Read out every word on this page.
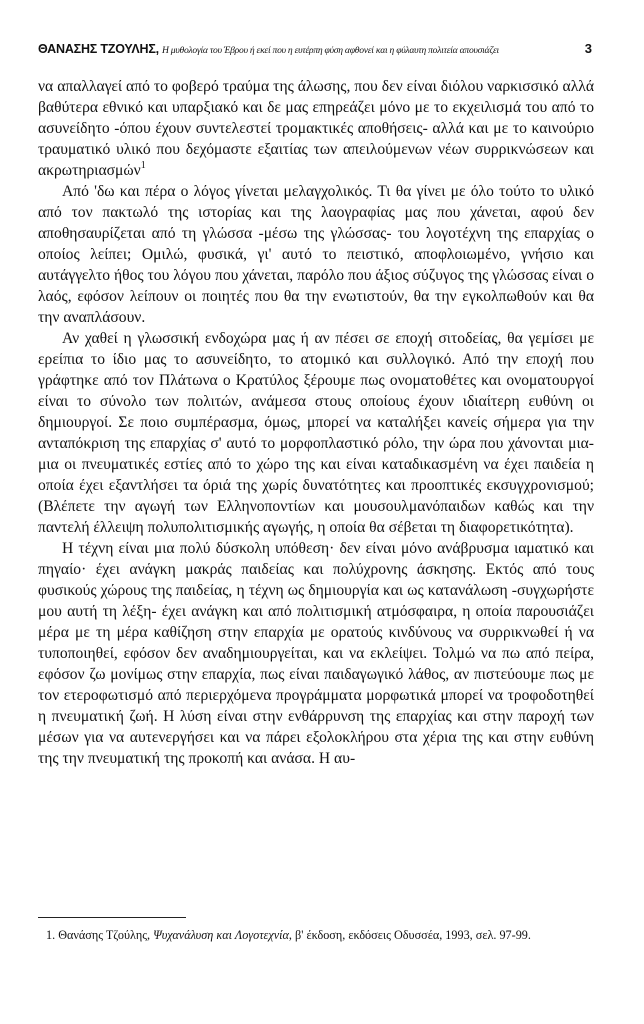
ΘΑΝΑΣΗΣ ΤΖΟΥΛΗΣ, Η μυθολογία του Έβρου ή εκεί που η ευτέρπη φύση αφθονεί και η φύλαυτη πολιτεία απουσιάζει	3

να απαλλαγεί από το φοβερό τραύμα της άλωσης, που δεν είναι διόλου ναρκισσικό αλλά βαθύτερα εθνικό και υπαρξιακό και δε μας επηρεάζει μόνο με το εκχειλισμά του από το ασυνείδητο -όπου έχουν συντελεστεί τρομακτικές αποθήσεις- αλλά και με το καινούριο τραυματικό υλικό που δεχόμαστε εξαιτίας των απειλούμενων νέων συρρικνώσεων και ακρωτηριασμών$^1$

Από 'δω και πέρα ο λόγος γίνεται μελαγχολικός. Τι θα γίνει με όλο τούτο το υλικό από τον πακτωλό της ιστορίας και της λαογραφίας μας που χάνεται, αφού δεν αποθησαυρίζεται από τη γλώσσα -μέσω της γλώσσας- του λογοτέχνη της επαρχίας ο οποίος λείπει; Ομιλώ, φυσικά, γι' αυτό το πειστικό, αποφλοιωμένο, γνήσιο και αυτάγγελτο ήθος του λόγου που χάνεται, παρόλο που άξιος σύζυγος της γλώσσας είναι ο λαός, εφόσον λείπουν οι ποιητές που θα την ενωτιστούν, θα την εγκολπωθούν και θα την αναπλάσουν.

Αν χαθεί η γλωσσική ενδοχώρα μας ή αν πέσει σε εποχή σιτοδείας, θα γεμίσει με ερείπια το ίδιο μας το ασυνείδητο, το ατομικό και συλλογικό. Από την εποχή που γράφτηκε από τον Πλάτωνα ο Κρατύλος ξέρουμε πως ονοματοθέτες και ονοματουργοί είναι το σύνολο των πολιτών, ανάμεσα στους οποίους έχουν ιδιαίτερη ευθύνη οι δημιουργοί. Σε ποιο συμπέρασμα, όμως, μπορεί να καταλήξει κανείς σήμερα για την ανταπόκριση της επαρχίας σ' αυτό το μορφοπλαστικό ρόλο, την ώρα που χάνονται μια-μια οι πνευματικές εστίες από το χώρο της και είναι καταδικασμένη να έχει παιδεία η οποία έχει εξαντλήσει τα όριά της χωρίς δυνατότητες και προοπτικές εκσυγχρονισμού; (Βλέπετε την αγωγή των Ελληνοποντίων και μουσουλμανόπαιδων καθώς και την παντελή έλλειψη πολυπολιτισμικής αγωγής, η οποία θα σέβεται τη διαφορετικότητα).

Η τέχνη είναι μια πολύ δύσκολη υπόθεση· δεν είναι μόνο ανάβρυσμα ιαματικό και πηγαίο· έχει ανάγκη μακράς παιδείας και πολύχρονης άσκησης. Εκτός από τους φυσικούς χώρους της παιδείας, η τέχνη ως δημιουργία και ως κατανάλωση -συγχωρήστε μου αυτή τη λέξη- έχει ανάγκη και από πολιτισμική ατμόσφαιρα, η οποία παρουσιάζει μέρα με τη μέρα καθίζηση στην επαρχία με ορατούς κινδύνους να συρρικνωθεί ή να τυποποιηθεί, εφόσον δεν αναδημιουργείται, και να εκλείψει. Τολμώ να πω από πείρα, εφόσον ζω μονίμως στην επαρχία, πως είναι παιδαγωγικό λάθος, αν πιστεύουμε πως με τον ετεροφωτισμό από περιερχόμενα προγράμματα μορφωτικά μπορεί να τροφοδοτηθεί η πνευματική ζωή. Η λύση είναι στην ενθάρρυνση της επαρχίας και στην παροχή των μέσων για να αυτενεργήσει και να πάρει εξολοκλήρου στα χέρια της και στην ευθύνη της την πνευματική της προκοπή και ανάσα. Η αυ-

1. Θανάσης Τζούλης, Ψυχανάλυση και Λογοτεχνία, β' έκδοση, εκδόσεις Οδυσσέα, 1993, σελ. 97-99.
